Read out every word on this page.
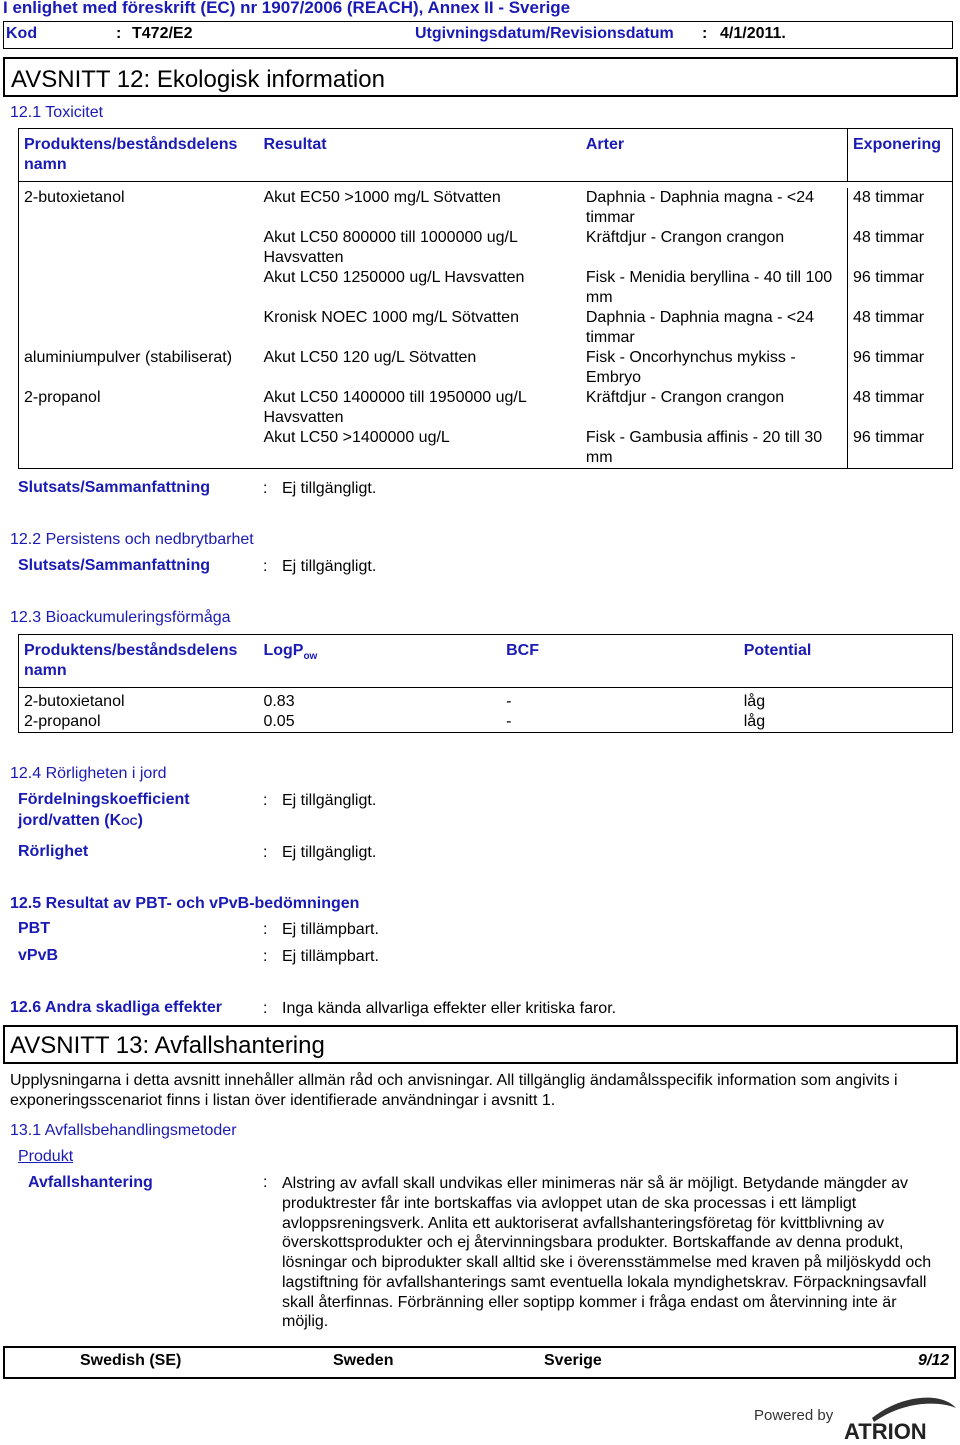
I enlighet med föreskrift (EC) nr 1907/2006 (REACH), Annex II - Sverige
Kod	: T472/E2	Utgivningsdatum/Revisionsdatum : 4/1/2011.
AVSNITT 12: Ekologisk information
12.1 Toxicitet
Produktens/beståndsdelens namn	Resultat	Arter	Exponering

2-butoxietanol	Akut EC50 >1000 mg/L Sötvatten	Daphnia - Daphnia magna - <24 timmar	48 timmar
	Akut LC50 800000 till 1000000 ug/L Havsvatten	Kräftdjur - Crangon crangon	48 timmar
	Akut LC50 1250000 ug/L Havsvatten	Fisk - Menidia beryllina - 40 till 100 mm	96 timmar
	Kronisk NOEC 1000 mg/L Sötvatten	Daphnia - Daphnia magna - <24 timmar	48 timmar
aluminiumpulver (stabiliserat)	Akut LC50 120 ug/L Sötvatten	Fisk - Oncorhynchus mykiss - Embryo	96 timmar
2-propanol	Akut LC50 1400000 till 1950000 ug/L Havsvatten	Kräftdjur - Crangon crangon	48 timmar
	Akut LC50 >1400000 ug/L	Fisk - Gambusia affinis - 20 till 30 mm	96 timmar
Slutsats/Sammanfattning	: Ej tillgängligt.
12.2 Persistens och nedbrytbarhet
Slutsats/Sammanfattning	: Ej tillgängligt.
12.3 Bioackumuleringsförmåga
Produktens/beståndsdelens namn	LogP$_{ow}$	BCF	Potential

2-butoxietanol	0.83	-	låg
2-propanol	0.05	-	låg
12.4 Rörligheten i jord
Fördelningskoefficient
jord/vatten (KOC)
: Ej tillgängligt.
Rörlighet	: Ej tillgängligt.
12.5 Resultat av PBT- och vPvB-bedömningen
PBT	: Ej tillämpbart.
vPvB	: Ej tillämpbart.
12.6 Andra skadliga effekter	: Inga kända allvarliga effekter eller kritiska faror.
AVSNITT 13: Avfallshantering
Upplysningarna i detta avsnitt innehåller allmän råd och anvisningar. All tillgänglig ändamålsspecifik information som angivits i exponeringsscenariot finns i listan över identifierade användningar i avsnitt 1.
13.1 Avfallsbehandlingsmetoder
Produkt
Avfallshantering	: Alstring av avfall skall undvikas eller minimeras när så är möjligt. Betydande mängder av produktrester får inte bortskaffas via avloppet utan de ska processas i ett lämpligt avloppsreningsverk. Anlita ett auktoriserat avfallshanteringsföretag för kvittblivning av överskottsprodukter och ej återvinningsbara produkter. Bortskaffande av denna produkt, lösningar och biprodukter skall alltid ske i överensstämmelse med kraven på miljöskydd och lagstiftning för avfallshanterings samt eventuella lokala myndighetskrav. Förpackningsavfall skall återfinnas. Förbränning eller soptipp kommer i fråga endast om återvinning inte är möjlig.
Swedish (SE)	Sweden	Sverige	9/12
Powered by
ATRION
